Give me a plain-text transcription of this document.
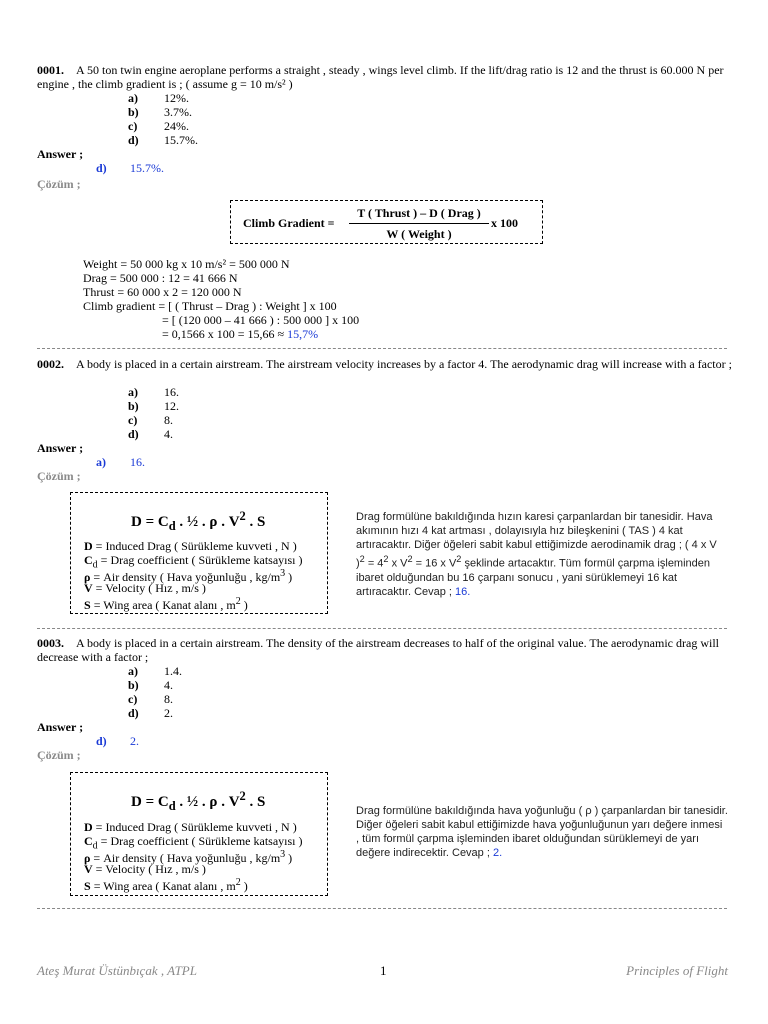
0001. A 50 ton twin engine aeroplane performs a straight , steady , wings level climb. If the lift/drag ratio is 12 and the thrust is 60.000 N per engine , the climb gradient is ; ( assume g = 10 m/s² )
a) 12%.
b) 3.7%.
c) 24%.
d) 15.7%.
Answer ;
d) 15.7%.
Çözüm ;
Climb Gradient =
T ( Thrust ) – D ( Drag )
W ( Weight )
x 100
Weight = 50 000 kg x 10 m/s² = 500 000 N
Drag = 500 000 : 12 = 41 666 N
Thrust = 60 000 x 2 = 120 000 N
Climb gradient = [ ( Thrust – Drag ) : Weight ] x 100
= [ (120 000 – 41 666 ) : 500 000 ] x 100
= 0,1566 x 100 = 15,66 ≈ 15,7%
0002. A body is placed in a certain airstream. The airstream velocity increases by a factor 4. The aerodynamic drag will increase with a factor ;
a) 16.
b) 12.
c) 8.
d) 4.
Answer ;
a) 16.
Çözüm ;
$D = C_d$ . ½ . ρ . $V^2$ . S
D = Induced Drag ( Sürükleme kuvveti , N )
$C_d$ = Drag coefficient ( Sürükleme katsayısı )
ρ = Air density ( Hava yoğunluğu , $kg/m^3$ )
V = Velocity ( Hız , m/s )
S = Wing area ( Kanat alanı , $m^2$ )
Drag formülüne bakıldığında hızın karesi çarpanlardan bir tanesidir. Hava akımının hızı 4 kat artması , dolayısıyla hız bileşkenini ( TAS ) 4 kat artıracaktır. Diğer öğeleri sabit kabul ettiğimizde aerodinamik drag ; ( 4 x V )$^2 = 4^2$ x $V^2 = 16$ x $V^2$ şeklinde artacaktır. Tüm formül çarpma işleminden ibaret olduğundan bu 16 çarpanı sonucu , yani sürüklemeyi 16 kat artıracaktır. Cevap ; 16.
0003. A body is placed in a certain airstream. The density of the airstream decreases to half of the original value. The aerodynamic drag will decrease with a factor ;
a) 1.4.
b) 4.
c) 8.
d) 2.
Answer ;
d) 2.
Çözüm ;
$D = C_d$ . ½ . ρ . $V^2$ . S
D = Induced Drag ( Sürükleme kuvveti , N )
$C_d$ = Drag coefficient ( Sürükleme katsayısı )
ρ = Air density ( Hava yoğunluğu , $kg/m^3$ )
V = Velocity ( Hız , m/s )
S = Wing area ( Kanat alanı , $m^2$ )
Drag formülüne bakıldığında hava yoğunluğu ( ρ ) çarpanlardan bir tanesidir. Diğer öğeleri sabit kabul ettiğimizde hava yoğunluğunun yarı değere inmesi , tüm formül çarpma işleminden ibaret olduğundan sürüklemeyi de yarı değere indirecektir. Cevap ; 2.
Ateş Murat Üstünbıçak , ATPL	1	Principles of Flight
